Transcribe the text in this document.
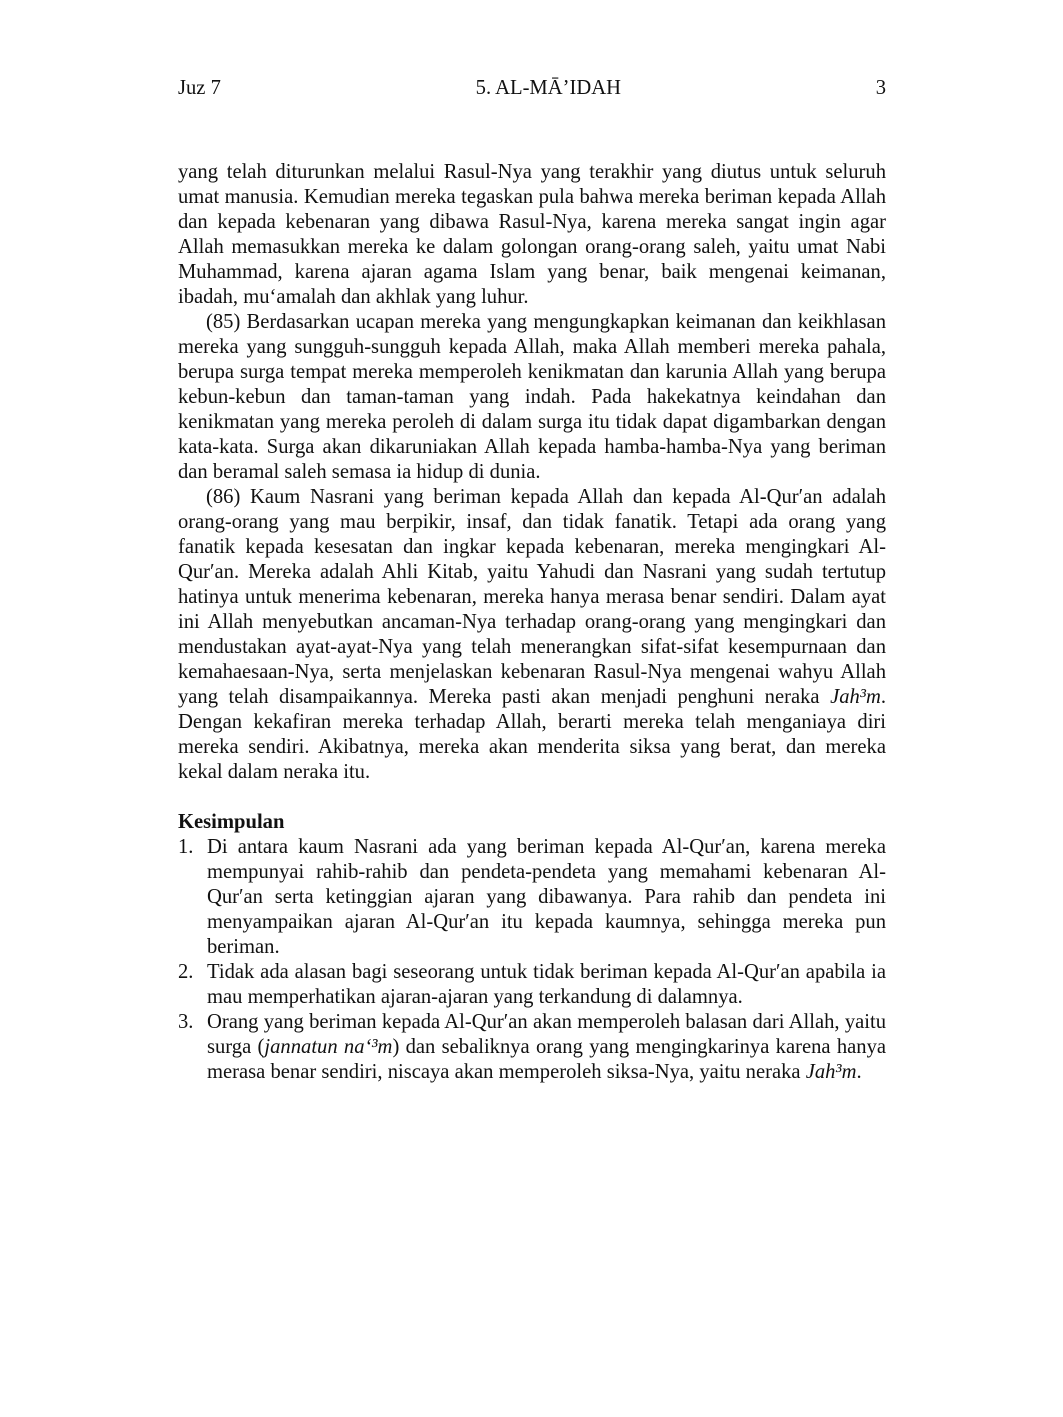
Juz 7	5. AL-MĀ’IDAH	3

yang telah diturunkan melalui Rasul-Nya yang terakhir yang diutus untuk seluruh umat manusia. Kemudian mereka tegaskan pula bahwa mereka beriman kepada Allah dan kepada kebenaran yang dibawa Rasul-Nya, karena mereka sangat ingin agar Allah memasukkan mereka ke dalam golongan orang-orang saleh, yaitu umat Nabi Muhammad, karena ajaran agama Islam yang benar, baik mengenai keimanan, ibadah, mu‘amalah dan akhlak yang luhur.

(85) Berdasarkan ucapan mereka yang mengungkapkan keimanan dan keikhlasan mereka yang sungguh-sungguh kepada Allah, maka Allah memberi mereka pahala, berupa surga tempat mereka memperoleh kenikmatan dan karunia Allah yang berupa kebun-kebun dan taman-taman yang indah. Pada hakekatnya keindahan dan kenikmatan yang mereka peroleh di dalam surga itu tidak dapat digambarkan dengan kata-kata. Surga akan dikaruniakan Allah kepada hamba-hamba-Nya yang beriman dan beramal saleh semasa ia hidup di dunia.

(86) Kaum Nasrani yang beriman kepada Allah dan kepada Al-Qur′an adalah orang-orang yang mau berpikir, insaf, dan tidak fanatik. Tetapi ada orang yang fanatik kepada kesesatan dan ingkar kepada kebenaran, mereka mengingkari Al-Qur′an. Mereka adalah Ahli Kitab, yaitu Yahudi dan Nasrani yang sudah tertutup hatinya untuk menerima kebenaran, mereka hanya merasa benar sendiri. Dalam ayat ini Allah menyebutkan ancaman-Nya terhadap orang-orang yang mengingkari dan mendustakan ayat-ayat-Nya yang telah menerangkan sifat-sifat kesempurnaan dan kemahaesaan-Nya, serta menjelaskan kebenaran Rasul-Nya mengenai wahyu Allah yang telah disampaikannya. Mereka pasti akan menjadi penghuni neraka Jah³m. Dengan kekafiran mereka terhadap Allah, berarti mereka telah menganiaya diri mereka sendiri. Akibatnya, mereka akan menderita siksa yang berat, dan mereka kekal dalam neraka itu.

Kesimpulan
1. Di antara kaum Nasrani ada yang beriman kepada Al-Qur′an, karena mereka mempunyai rahib-rahib dan pendeta-pendeta yang memahami kebenaran Al-Qur′an serta ketinggian ajaran yang dibawanya. Para rahib dan pendeta ini menyampaikan ajaran Al-Qur′an itu kepada kaumnya, sehingga mereka pun beriman.
2. Tidak ada alasan bagi seseorang untuk tidak beriman kepada Al-Qur′an apabila ia mau memperhatikan ajaran-ajaran yang terkandung di dalamnya.
3. Orang yang beriman kepada Al-Qur′an akan memperoleh balasan dari Allah, yaitu surga (jannatun na‘³m) dan sebaliknya orang yang mengingkarinya karena hanya merasa benar sendiri, niscaya akan memperoleh siksa-Nya, yaitu neraka Jah³m.
